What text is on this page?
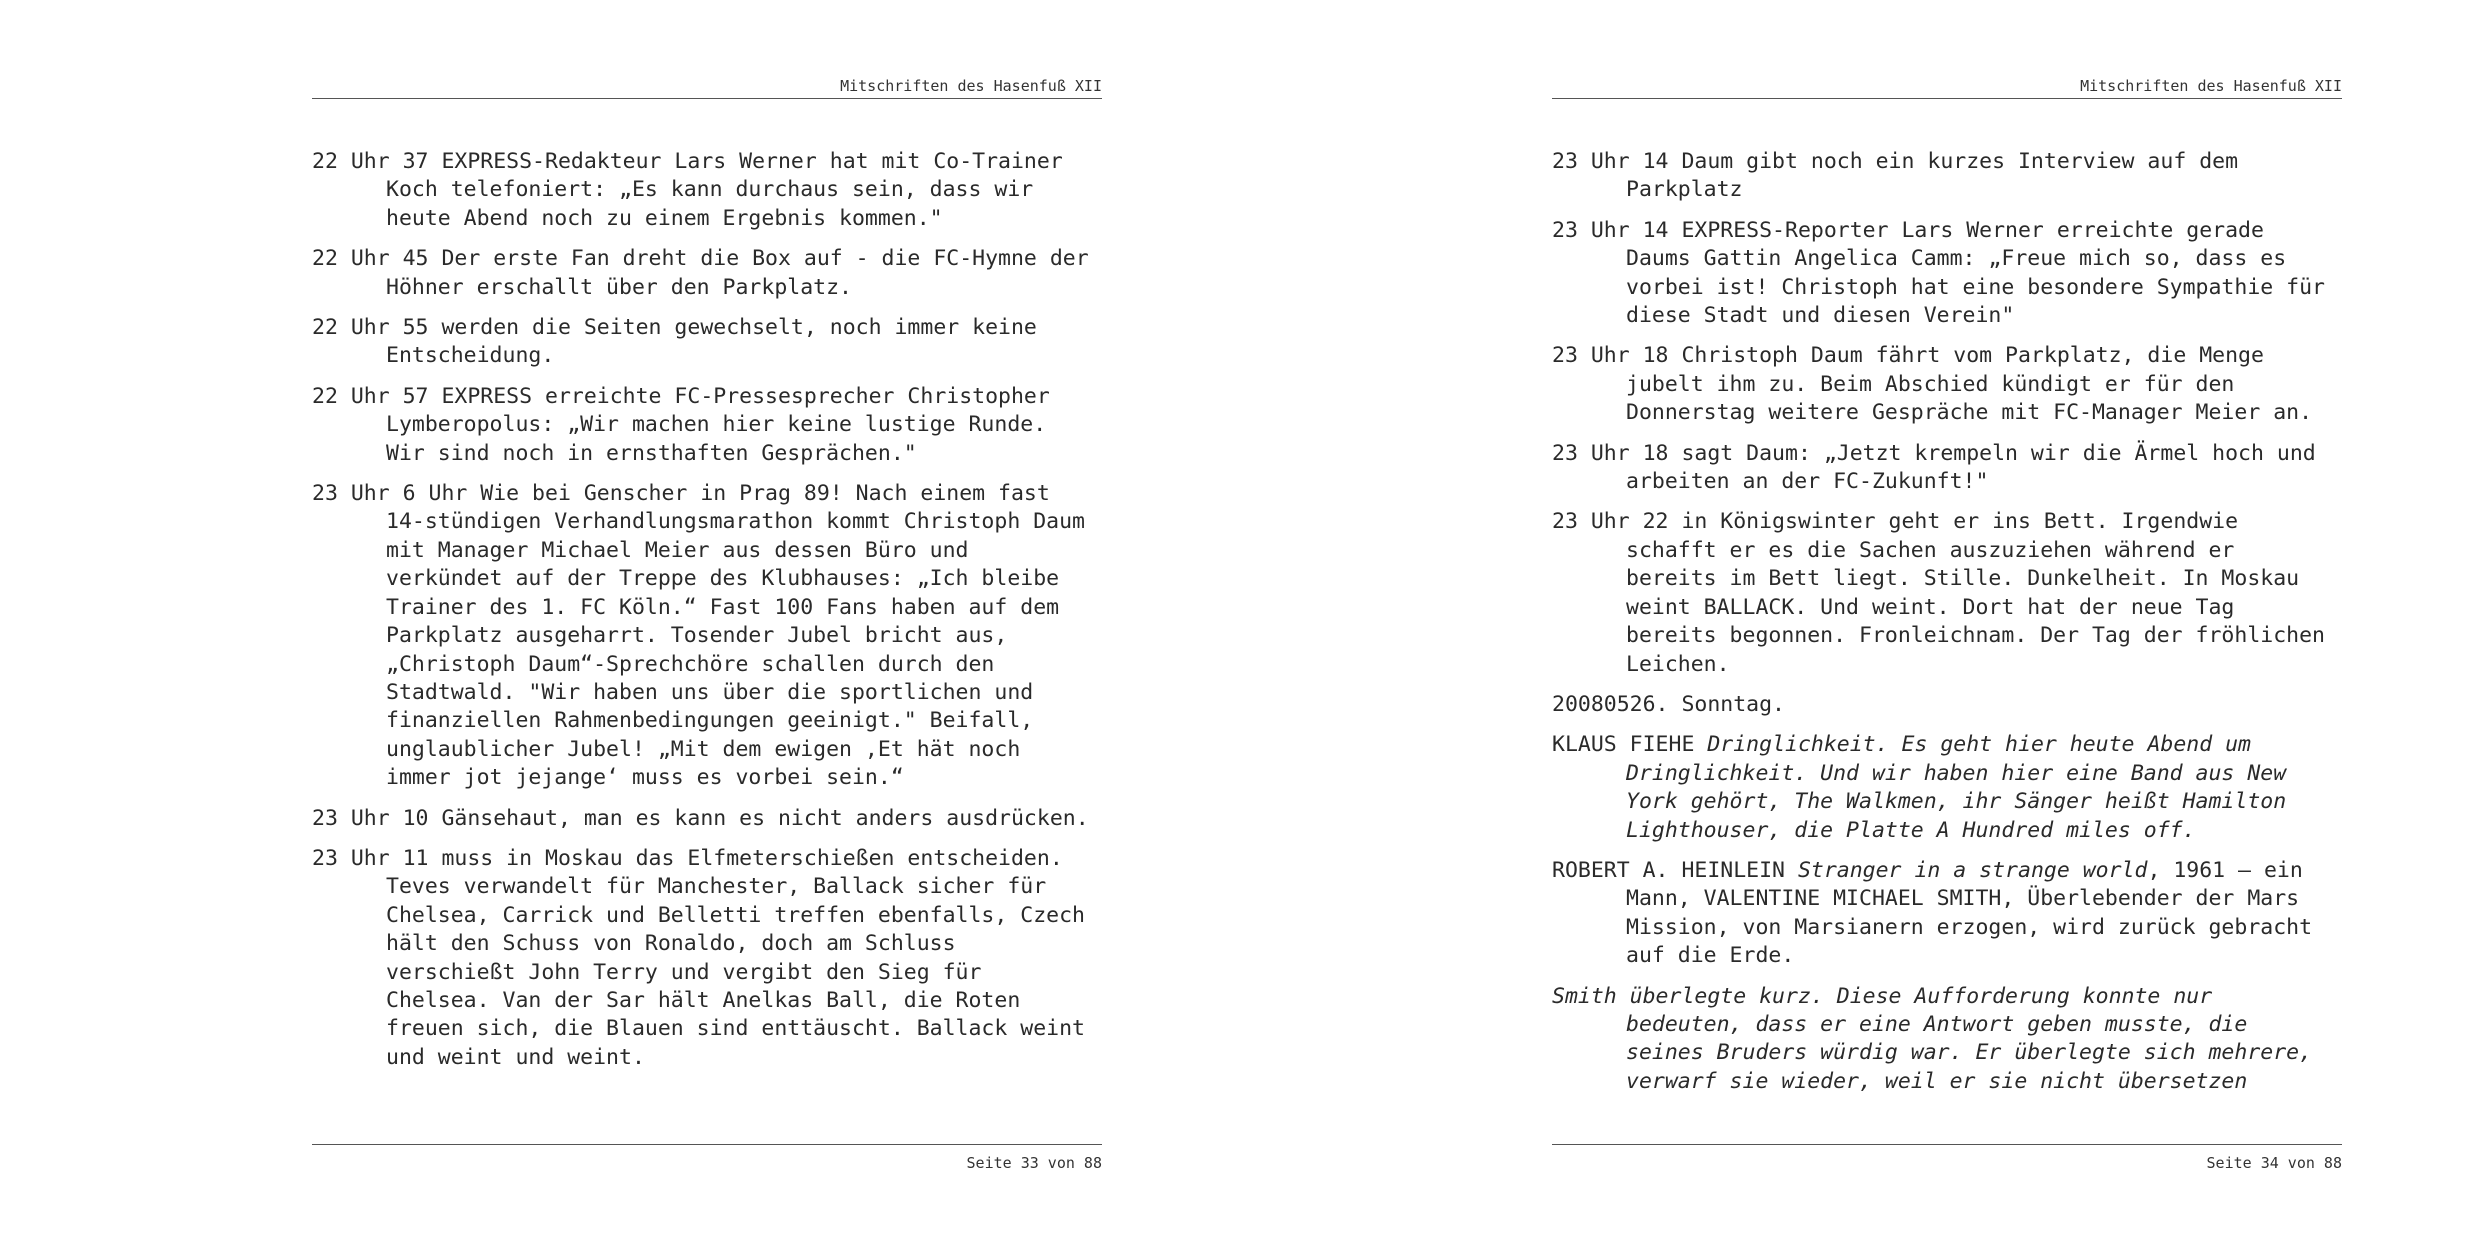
Mitschriften des Hasenfuß XII

22 Uhr 37 EXPRESS-Redakteur Lars Werner hat mit Co-Trainer
Koch telefoniert: „Es kann durchaus sein, dass wir
heute Abend noch zu einem Ergebnis kommen."

22 Uhr 45 Der erste Fan dreht die Box auf - die FC-Hymne der
Höhner erschallt über den Parkplatz.

22 Uhr 55 werden die Seiten gewechselt, noch immer keine
Entscheidung.

22 Uhr 57 EXPRESS erreichte FC-Pressesprecher Christopher
Lymberopolus: „Wir machen hier keine lustige Runde.
Wir sind noch in ernsthaften Gesprächen."

23 Uhr 6 Uhr Wie bei Genscher in Prag 89! Nach einem fast
14-stündigen Verhandlungsmarathon kommt Christoph Daum
mit Manager Michael Meier aus dessen Büro und
verkündet auf der Treppe des Klubhauses: „Ich bleibe
Trainer des 1. FC Köln.“ Fast 100 Fans haben auf dem
Parkplatz ausgeharrt. Tosender Jubel bricht aus,
„Christoph Daum“-Sprechchöre schallen durch den
Stadtwald. "Wir haben uns über die sportlichen und
finanziellen Rahmenbedingungen geeinigt." Beifall,
unglaublicher Jubel! „Mit dem ewigen ‚Et hät noch
immer jot jejange‘ muss es vorbei sein.“

23 Uhr 10 Gänsehaut, man es kann es nicht anders ausdrücken.

23 Uhr 11 muss in Moskau das Elfmeterschießen entscheiden.
Teves verwandelt für Manchester, Ballack sicher für
Chelsea, Carrick und Belletti treffen ebenfalls, Czech
hält den Schuss von Ronaldo, doch am Schluss
verschießt John Terry und vergibt den Sieg für
Chelsea. Van der Sar hält Anelkas Ball, die Roten
freuen sich, die Blauen sind enttäuscht. Ballack weint
und weint und weint.

Seite 33 von 88
Mitschriften des Hasenfuß XII

23 Uhr 14 Daum gibt noch ein kurzes Interview auf dem
Parkplatz

23 Uhr 14 EXPRESS-Reporter Lars Werner erreichte gerade
Daums Gattin Angelica Camm: „Freue mich so, dass es
vorbei ist! Christoph hat eine besondere Sympathie für
diese Stadt und diesen Verein"

23 Uhr 18 Christoph Daum fährt vom Parkplatz, die Menge
jubelt ihm zu. Beim Abschied kündigt er für den
Donnerstag weitere Gespräche mit FC-Manager Meier an.

23 Uhr 18 sagt Daum: „Jetzt krempeln wir die Ärmel hoch und
arbeiten an der FC-Zukunft!"

23 Uhr 22 in Königswinter geht er ins Bett. Irgendwie
schafft er es die Sachen auszuziehen während er
bereits im Bett liegt. Stille. Dunkelheit. In Moskau
weint BALLACK. Und weint. Dort hat der neue Tag
bereits begonnen. Fronleichnam. Der Tag der fröhlichen
Leichen.

20080526. Sonntag.

KLAUS FIEHE Dringlichkeit. Es geht hier heute Abend um
Dringlichkeit. Und wir haben hier eine Band aus New
York gehört, The Walkmen, ihr Sänger heißt Hamilton
Lighthouser, die Platte A Hundred miles off.

ROBERT A. HEINLEIN Stranger in a strange world, 1961 – ein
Mann, VALENTINE MICHAEL SMITH, Überlebender der Mars
Mission, von Marsianern erzogen, wird zurück gebracht
auf die Erde.

Smith überlegte kurz. Diese Aufforderung konnte nur
bedeuten, dass er eine Antwort geben musste, die
seines Bruders würdig war. Er überlegte sich mehrere,
verwarf sie wieder, weil er sie nicht übersetzen

Seite 34 von 88
